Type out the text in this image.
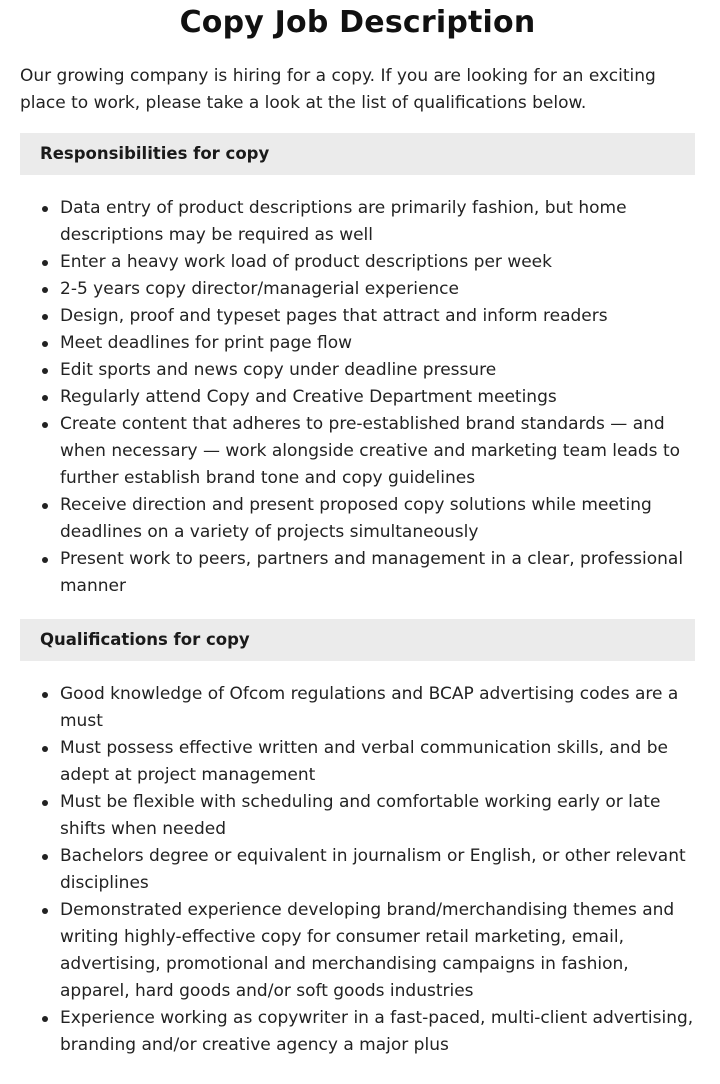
Copy Job Description

Our growing company is hiring for a copy. If you are looking for an exciting place to work, please take a look at the list of qualifications below.

Responsibilities for copy
Data entry of product descriptions are primarily fashion, but home descriptions may be required as well
Enter a heavy work load of product descriptions per week
2-5 years copy director/managerial experience
Design, proof and typeset pages that attract and inform readers
Meet deadlines for print page flow
Edit sports and news copy under deadline pressure
Regularly attend Copy and Creative Department meetings
Create content that adheres to pre-established brand standards — and when necessary — work alongside creative and marketing team leads to further establish brand tone and copy guidelines
Receive direction and present proposed copy solutions while meeting deadlines on a variety of projects simultaneously
Present work to peers, partners and management in a clear, professional manner
Qualifications for copy
Good knowledge of Ofcom regulations and BCAP advertising codes are a must
Must possess effective written and verbal communication skills, and be adept at project management
Must be flexible with scheduling and comfortable working early or late shifts when needed
Bachelors degree or equivalent in journalism or English, or other relevant disciplines
Demonstrated experience developing brand/merchandising themes and writing highly-effective copy for consumer retail marketing, email, advertising, promotional and merchandising campaigns in fashion, apparel, hard goods and/or soft goods industries
Experience working as copywriter in a fast-paced, multi-client advertising, branding and/or creative agency a major plus
